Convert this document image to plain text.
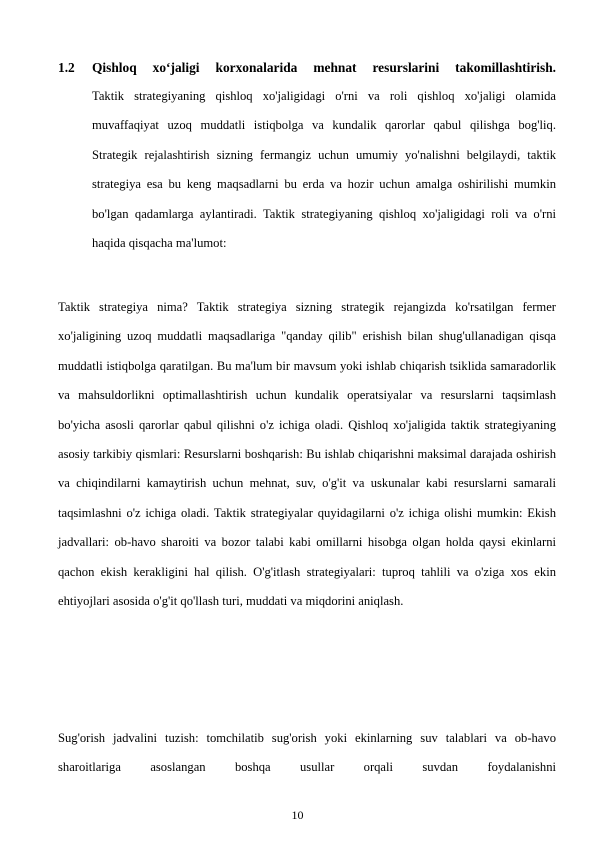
1.2	Qishloq xo‘jaligi korxonalarida mehnat resurslarini takomillashtirish.
Taktik strategiyaning qishloq xo'jaligidagi o'rni va roli qishloq xo'jaligi olamida muvaffaqiyat uzoq muddatli istiqbolga va kundalik qarorlar qabul qilishga bog'liq. Strategik rejalashtirish sizning fermangiz uchun umumiy yo'nalishni belgilaydi, taktik strategiya esa bu keng maqsadlarni bu erda va hozir uchun amalga oshirilishi mumkin bo'lgan qadamlarga aylantiradi. Taktik strategiyaning qishloq xo'jaligidagi roli va o'rni haqida qisqacha ma'lumot:
Taktik strategiya nima? Taktik strategiya sizning strategik rejangizda ko'rsatilgan fermer xo'jaligining uzoq muddatli maqsadlariga "qanday qilib" erishish bilan shug'ullanadigan qisqa muddatli istiqbolga qaratilgan. Bu ma'lum bir mavsum yoki ishlab chiqarish tsiklida samaradorlik va mahsuldorlikni optimallashtirish uchun kundalik operatsiyalar va resurslarni taqsimlash bo'yicha asosli qarorlar qabul qilishni o'z ichiga oladi. Qishloq xo'jaligida taktik strategiyaning asosiy tarkibiy qismlari: Resurslarni boshqarish: Bu ishlab chiqarishni maksimal darajada oshirish va chiqindilarni kamaytirish uchun mehnat, suv, o'g'it va uskunalar kabi resurslarni samarali taqsimlashni o'z ichiga oladi. Taktik strategiyalar quyidagilarni o'z ichiga olishi mumkin: Ekish jadvallari: ob-havo sharoiti va bozor talabi kabi omillarni hisobga olgan holda qaysi ekinlarni qachon ekish kerakligini hal qilish. O'g'itlash strategiyalari: tuproq tahlili va o'ziga xos ekin ehtiyojlari asosida o'g'it qo'llash turi, muddati va miqdorini aniqlash.
Sug'orish jadvalini tuzish: tomchilatib sug'orish yoki ekinlarning suv talablari va ob-havo sharoitlariga asoslangan boshqa usullar orqali suvdan foydalanishni
10
